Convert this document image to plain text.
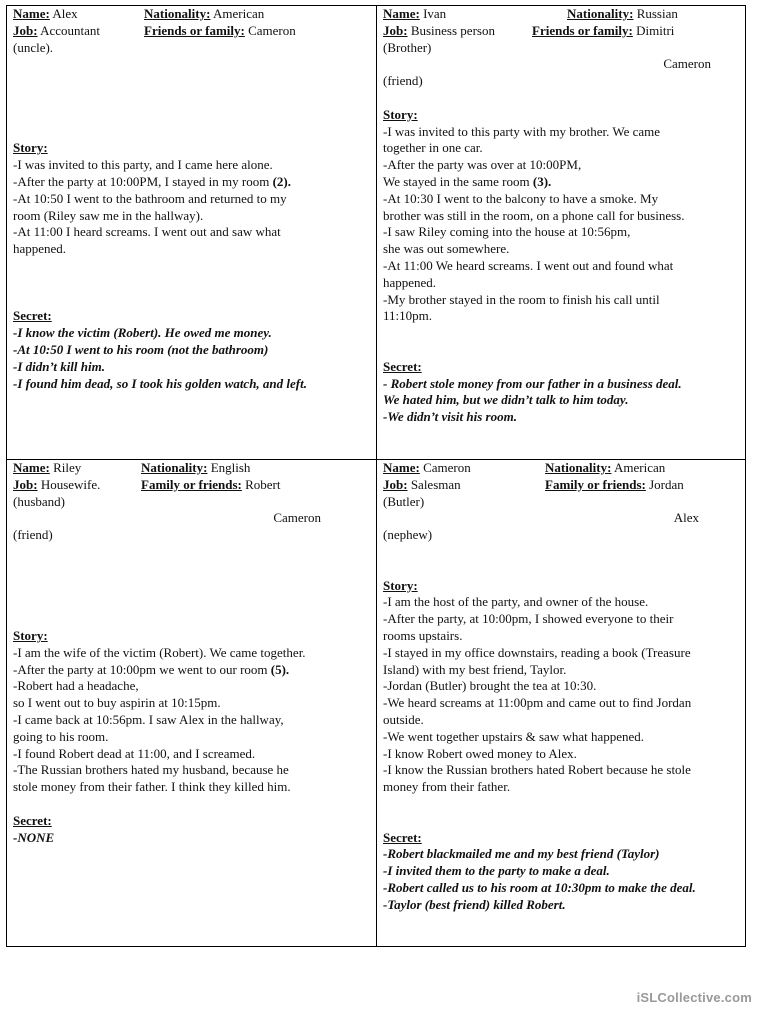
Name: Alex	Nationality: American
Job: Accountant	Friends or family: Cameron
(uncle).
Story:
-I was invited to this party, and I came here alone.
-After the party at 10:00PM, I stayed in my room (2).
-At 10:50 I went to the bathroom and returned to my
room (Riley saw me in the hallway).
-At 11:00 I heard screams. I went out and saw what
happened.
Secret:
-I know the victim (Robert). He owed me money.
-At 10:50 I went to his room (not the bathroom)
-I didn’t kill him.
-I found him dead, so I took his golden watch, and left.
Name: Ivan	Nationality: Russian
Job: Business person	Friends or family: Dimitri
(Brother)
Cameron
(friend)
Story:
-I was invited to this party with my brother. We came
together in one car.
-After the party was over at 10:00PM,
We stayed in the same room (3).
-At 10:30 I went to the balcony to have a smoke. My
brother was still in the room, on a phone call for business.
-I saw Riley coming into the house at 10:56pm,
she was out somewhere.
-At 11:00 We heard screams. I went out and found what
happened.
-My brother stayed in the room to finish his call until
11:10pm.
Secret:
- Robert stole money from our father in a business deal.
We hated him, but we didn’t talk to him today.
-We didn’t visit his room.
Name: Riley	Nationality: English
Job: Housewife.	Family or friends: Robert
(husband)
Cameron
(friend)
Story:
-I am the wife of the victim (Robert). We came together.
-After the party at 10:00pm we went to our room (5).
-Robert had a headache,
so I went out to buy aspirin at 10:15pm.
-I came back at 10:56pm. I saw Alex in the hallway,
going to his room.
-I found Robert dead at 11:00, and I screamed.
-The Russian brothers hated my husband, because he
stole money from their father. I think they killed him.
Secret:
-NONE
Name: Cameron	Nationality: American
Job: Salesman	Family or friends: Jordan
(Butler)
Alex
(nephew)
Story:
-I am the host of the party, and owner of the house.
-After the party, at 10:00pm, I showed everyone to their
rooms upstairs.
-I stayed in my office downstairs, reading a book (Treasure
Island) with my best friend, Taylor.
-Jordan (Butler) brought the tea at 10:30.
-We heard screams at 11:00pm and came out to find Jordan
outside.
-We went together upstairs & saw what happened.
-I know Robert owed money to Alex.
-I know the Russian brothers hated Robert because he stole
money from their father.
Secret:
-Robert blackmailed me and my best friend (Taylor)
-I invited them to the party to make a deal.
-Robert called us to his room at 10:30pm to make the deal.
-Taylor (best friend) killed Robert.
iSLCollective.com
